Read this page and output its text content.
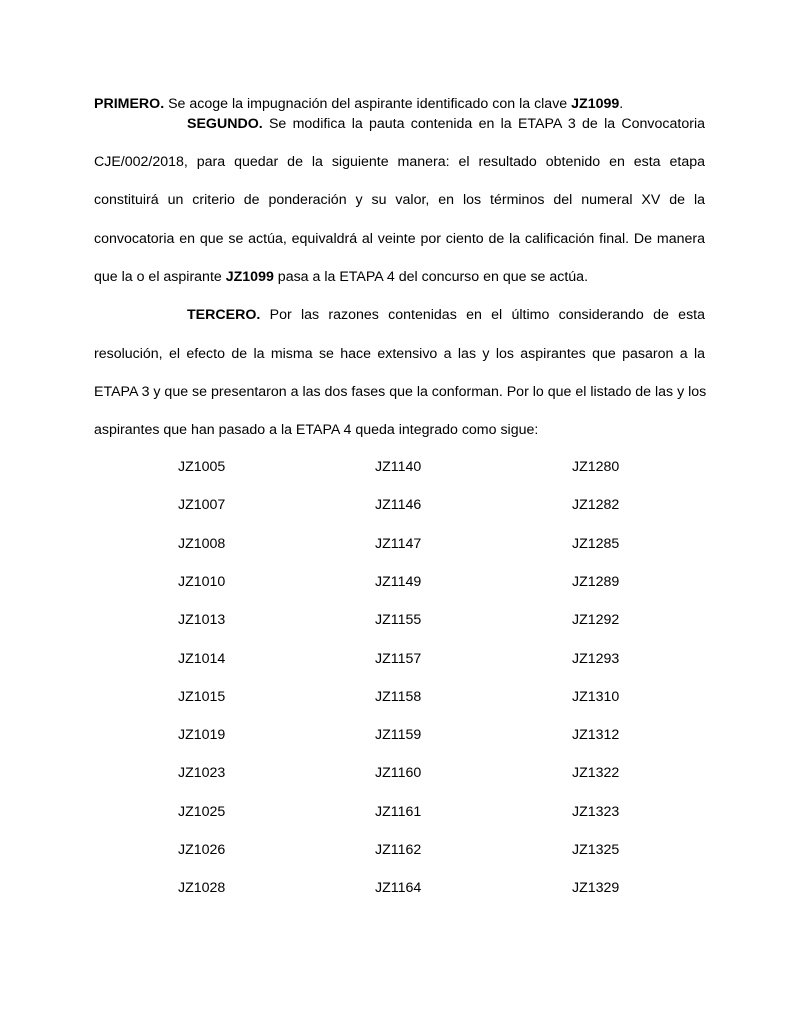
PRIMERO. Se acoge la impugnación del aspirante identificado con la clave JZ1099.
SEGUNDO. Se modifica la pauta contenida en la ETAPA 3 de la Convocatoria
CJE/002/2018, para quedar de la siguiente manera: el resultado obtenido en esta etapa
constituirá un criterio de ponderación y su valor, en los términos del numeral XV de la
convocatoria en que se actúa, equivaldrá al veinte por ciento de la calificación final. De manera
que la o el aspirante JZ1099 pasa a la ETAPA 4 del concurso en que se actúa.
TERCERO. Por las razones contenidas en el último considerando de esta
resolución, el efecto de la misma se hace extensivo a las y los aspirantes que pasaron a la
ETAPA 3 y que se presentaron a las dos fases que la conforman. Por lo que el listado de las y los
aspirantes que han pasado a la ETAPA 4 queda integrado como sigue:
JZ1005	JZ1140	JZ1280
JZ1007	JZ1146	JZ1282
JZ1008	JZ1147	JZ1285
JZ1010	JZ1149	JZ1289
JZ1013	JZ1155	JZ1292
JZ1014	JZ1157	JZ1293
JZ1015	JZ1158	JZ1310
JZ1019	JZ1159	JZ1312
JZ1023	JZ1160	JZ1322
JZ1025	JZ1161	JZ1323
JZ1026	JZ1162	JZ1325
JZ1028	JZ1164	JZ1329
